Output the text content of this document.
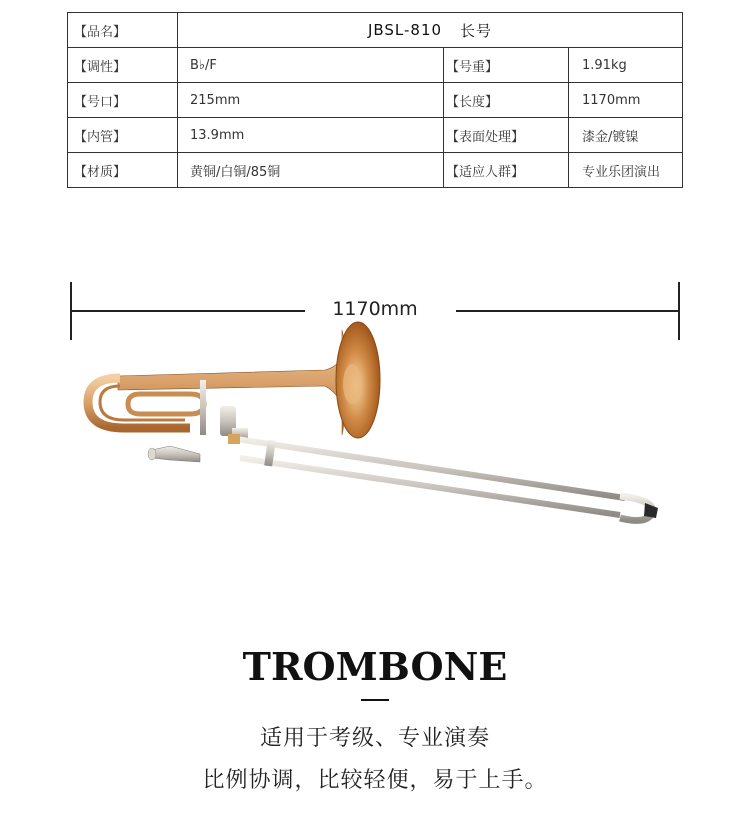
【品名】	JBSL-810 长号
【调性】	B♭/F	【号重】	1.91kg
【号口】	215mm	【长度】	1170mm
【内管】	13.9mm	【表面处理】	漆金/镀镍
【材质】	黄铜/白铜/85铜	【适应人群】	专业乐团演出
1170mm
TROMBONE
适用于考级、专业演奏
比例协调，比较轻便，易于上手。
